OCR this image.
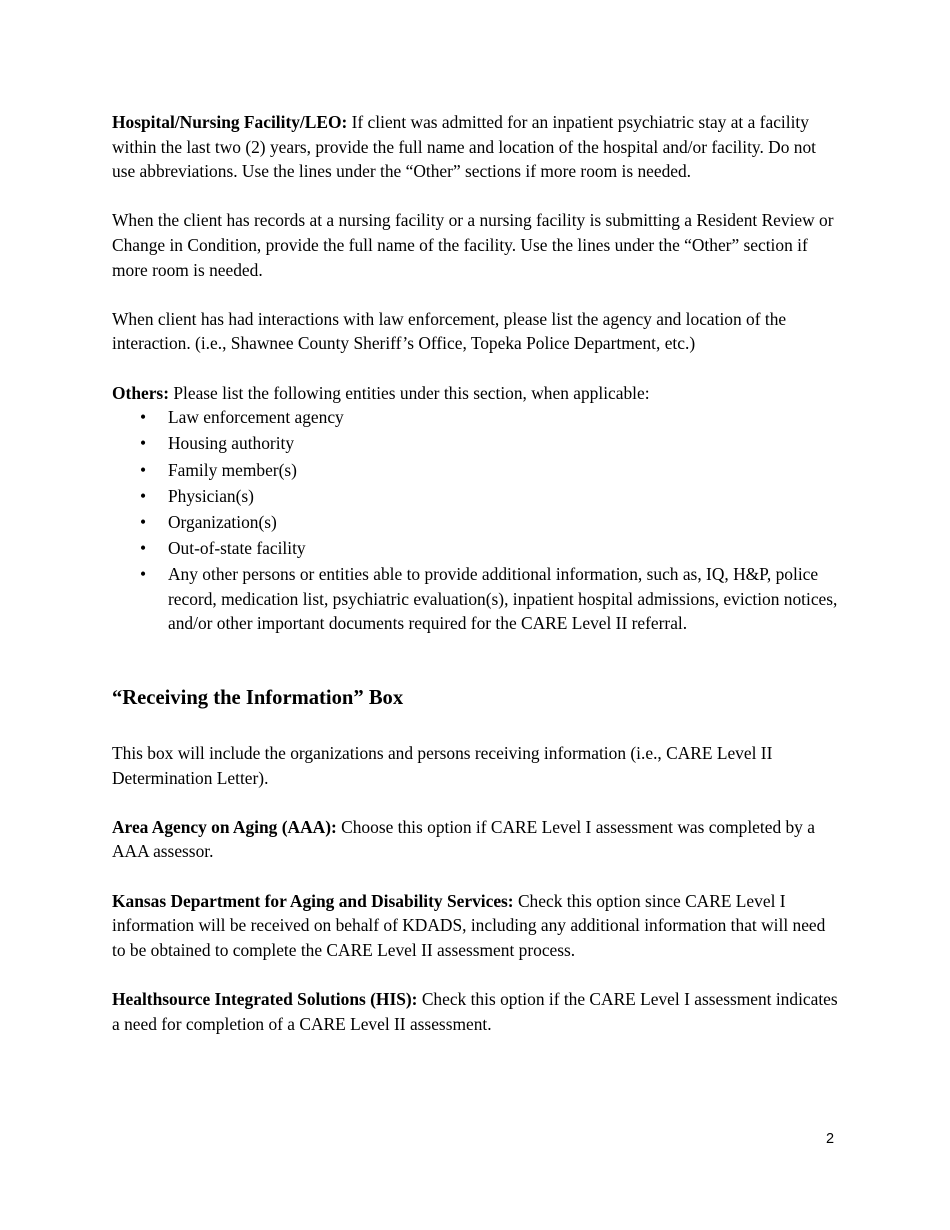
Hospital/Nursing Facility/LEO: If client was admitted for an inpatient psychiatric stay at a facility within the last two (2) years, provide the full name and location of the hospital and/or facility. Do not use abbreviations. Use the lines under the “Other” sections if more room is needed.

When the client has records at a nursing facility or a nursing facility is submitting a Resident Review or Change in Condition, provide the full name of the facility. Use the lines under the “Other” section if more room is needed.

When client has had interactions with law enforcement, please list the agency and location of the interaction. (i.e., Shawnee County Sheriff’s Office, Topeka Police Department, etc.)

Others: Please list the following entities under this section, when applicable:

• Law enforcement agency
• Housing authority
• Family member(s)
• Physician(s)
• Organization(s)
• Out-of-state facility
• Any other persons or entities able to provide additional information, such as, IQ, H&P, police record, medication list, psychiatric evaluation(s), inpatient hospital admissions, eviction notices, and/or other important documents required for the CARE Level II referral.
“Receiving the Information” Box

This box will include the organizations and persons receiving information (i.e., CARE Level II Determination Letter).

Area Agency on Aging (AAA): Choose this option if CARE Level I assessment was completed by a AAA assessor.

Kansas Department for Aging and Disability Services: Check this option since CARE Level I information will be received on behalf of KDADS, including any additional information that will need to be obtained to complete the CARE Level II assessment process.

Healthsource Integrated Solutions (HIS): Check this option if the CARE Level I assessment indicates a need for completion of a CARE Level II assessment.

2
